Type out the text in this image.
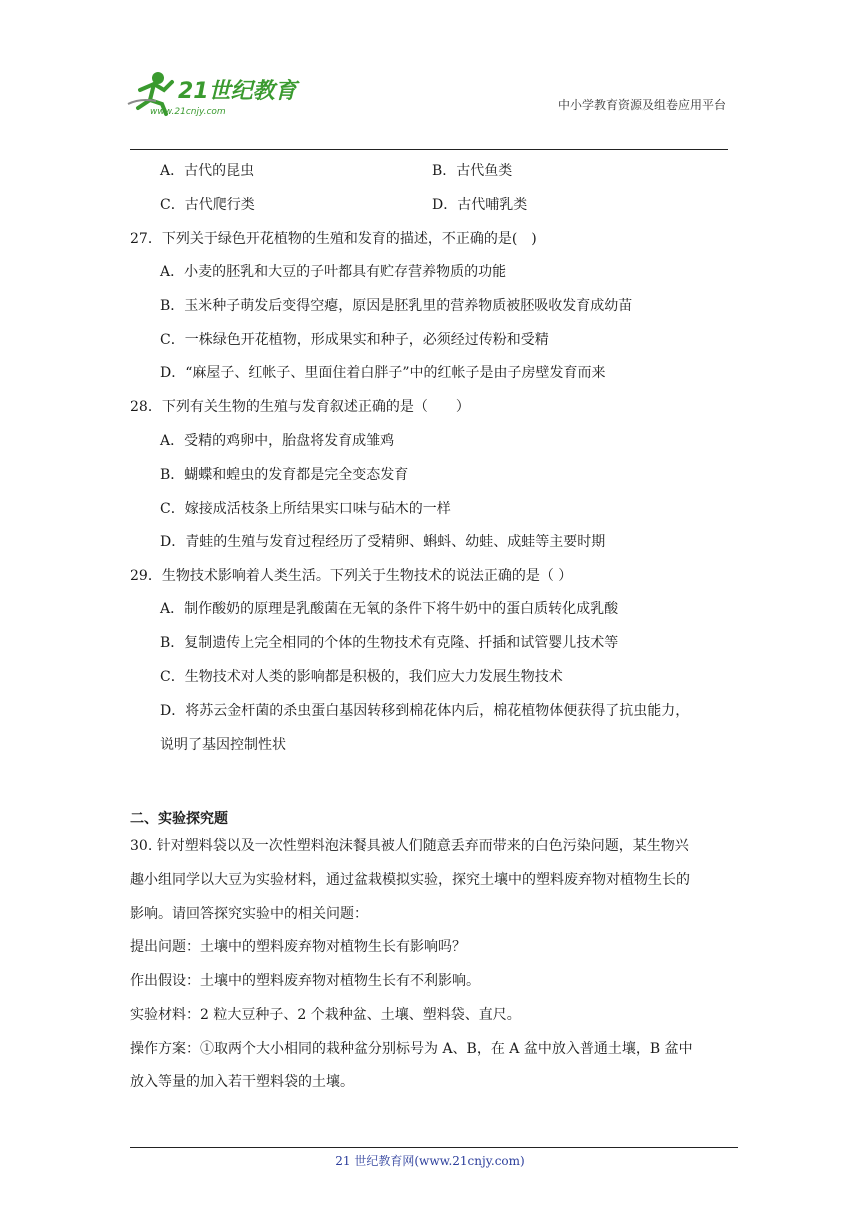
21世纪教育
www.21cnjy.com	中小学教育资源及组卷应用平台
A．古代的昆虫	B．古代鱼类
C．古代爬行类	D．古代哺乳类
27．下列关于绿色开花植物的生殖和发育的描述，不正确的是(　)
A．小麦的胚乳和大豆的子叶都具有贮存营养物质的功能
B．玉米种子萌发后变得空瘪，原因是胚乳里的营养物质被胚吸收发育成幼苗
C．一株绿色开花植物，形成果实和种子，必须经过传粉和受精
D．“麻屋子、红帐子、里面住着白胖子”中的红帐子是由子房壁发育而来
28．下列有关生物的生殖与发育叙述正确的是（　　）
A．受精的鸡卵中，胎盘将发育成雏鸡
B．蝴蝶和蝗虫的发育都是完全变态发育
C．嫁接成活枝条上所结果实口味与砧木的一样
D．青蛙的生殖与发育过程经历了受精卵、蝌蚪、幼蛙、成蛙等主要时期
29．生物技术影响着人类生活。下列关于生物技术的说法正确的是（ ）
A．制作酸奶的原理是乳酸菌在无氧的条件下将牛奶中的蛋白质转化成乳酸
B．复制遗传上完全相同的个体的生物技术有克隆、扦插和试管婴儿技术等
C．生物技术对人类的影响都是积极的，我们应大力发展生物技术
D．将苏云金杆菌的杀虫蛋白基因转移到棉花体内后，棉花植物体便获得了抗虫能力，
说明了基因控制性状
二、实验探究题
30. 针对塑料袋以及一次性塑料泡沫餐具被人们随意丢弃而带来的白色污染问题，某生物兴
趣小组同学以大豆为实验材料，通过盆栽模拟实验，探究土壤中的塑料废弃物对植物生长的
影响。请回答探究实验中的相关问题：
提出问题：土壤中的塑料废弃物对植物生长有影响吗？
作出假设：土壤中的塑料废弃物对植物生长有不利影响。
实验材料：2 粒大豆种子、2 个栽种盆、土壤、塑料袋、直尺。
操作方案：①取两个大小相同的栽种盆分别标号为 A、B，在 A 盆中放入普通土壤，B 盆中
放入等量的加入若干塑料袋的土壤。
21 世纪教育网(www.21cnjy.com)
